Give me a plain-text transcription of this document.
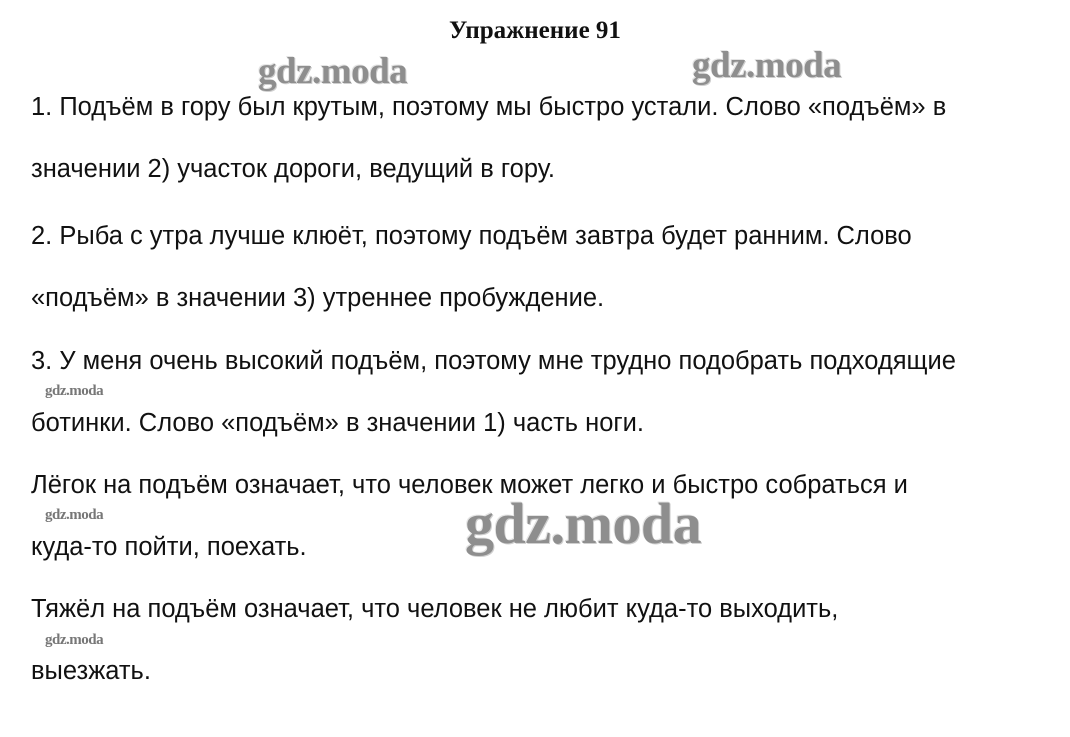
Упражнение 91
gdz.moda	gdz.moda

1. Подъём в гору был крутым, поэтому мы быстро устали. Слово «подъём» в
значении 2) участок дороги, ведущий в гору.

2. Рыба с утра лучше клюёт, поэтому подъём завтра будет ранним. Слово
«подъём» в значении 3) утреннее пробуждение.

3. У меня очень высокий подъём, поэтому мне трудно подобрать подходящие
ботинки. Слово «подъём» в значении 1) часть ноги.

Лёгок на подъём означает, что человек может легко и быстро собраться и
куда-то пойти, поехать.

Тяжёл на подъём означает, что человек не любит куда-то выходить,
выезжать.

gdz.moda
gdz.moda
gdz.moda
gdz.moda
